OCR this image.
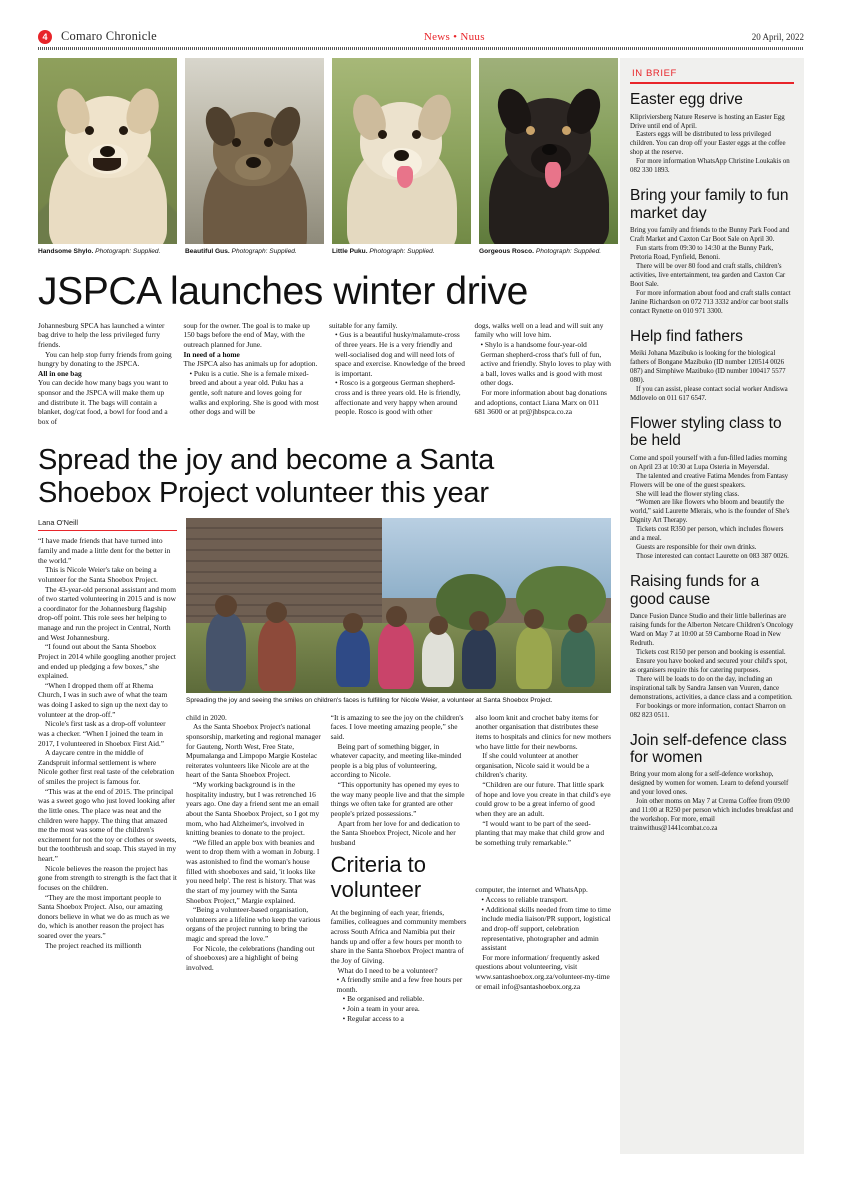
4	Comaro Chronicle	News • Nuus	20 April, 2022
Handsome Shylo. Photograph: Supplied.	Beautiful Gus. Photograph: Supplied.	Little Puku. Photograph: Supplied.	Gorgeous Rosco. Photograph: Supplied.
JSPCA launches winter drive

Johannesburg SPCA has launched a winter bag drive to help the less privileged furry friends.

You can help stop furry friends from going hungry by donating to the JSPCA.

All in one bag

You can decide how many bags you want to sponsor and the JSPCA will make them up and distribute it. The bags will contain a blanket, dog/cat food, a bowl for food and a box of

soup for the owner. The goal is to make up 150 bags before the end of May, with the outreach planned for June.

In need of a home

The JSPCA also has animals up for adoption.

• Puku is a cutie. She is a female mixed-breed and about a year old. Puku has a gentle, soft nature and loves going for walks and exploring. She is good with most other dogs and will be

suitable for any family.

• Gus is a beautiful husky/malamute-cross of three years. He is a very friendly and well-socialised dog and will need lots of space and exercise. Knowledge of the breed is important.

• Rosco is a gorgeous German shepherd-cross and is three years old. He is friendly, affectionate and very happy when around people. Rosco is good with other

dogs, walks well on a lead and will suit any family who will love him.

• Shylo is a handsome four-year-old German shepherd-cross that's full of fun, active and friendly. Shylo loves to play with a ball, loves walks and is good with most other dogs.

For more information about bag donations and adoptions, contact Liana Marx on 011 681 3600 or at pr@jhbspca.co.za

Spread the joy and become a Santa Shoebox Project volunteer this year
Lana O'Neill

“I have made friends that have turned into family and made a little dent for the better in the world.”

This is Nicole Weier's take on being a volunteer for the Santa Shoebox Project.

The 43-year-old personal assistant and mom of two started volunteering in 2015 and is now a coordinator for the Johannesburg flagship drop-off point. This role sees her helping to manage and run the project in Central, North and West Johannesburg.

“I found out about the Santa Shoebox Project in 2014 while googling another project and ended up pledging a few boxes,” she explained.

“When I dropped them off at Rhema Church, I was in such awe of what the team was doing I asked to sign up the next day to volunteer at the drop-off.”

Nicole's first task as a drop-off volunteer was a checker. “When I joined the team in 2017, I volunteered in Shoebox First Aid.”

A daycare centre in the middle of Zandspruit informal settlement is where Nicole gother first real taste of the celebration of smiles the project is famous for.

“This was at the end of 2015. The principal was a sweet gogo who just loved looking after the little ones. The place was neat and the children were happy. The thing that amazed me the most was some of the children's excitement for not the toy or clothes or sweets, but the toothbrush and soap. This stayed in my heart.”

Nicole believes the reason the project has gone from strength to strength is the fact that it focuses on the children.

“They are the most important people to Santa Shoebox Project. Also, our amazing donors believe in what we do as much as we do, which is another reason the project has soared over the years.”

The project reached its millionth

Spreading the joy and seeing the smiles on children's faces is fulfilling for Nicole Weier, a volunteer at Santa Shoebox Project.

child in 2020.

As the Santa Shoebox Project's national sponsorship, marketing and regional manager for Gauteng, North West, Free State, Mpumalanga and Limpopo Margie Kostelac reiterates volunteers like Nicole are at the heart of the Santa Shoebox Project.

“My working background is in the hospitality industry, but I was retrenched 16 years ago. One day a friend sent me an email about the Santa Shoebox Project, so I got my mom, who had Alzheimer's, involved in knitting beanies to donate to the project.

“We filled an apple box with beanies and went to drop them with a woman in Joburg. I was astonished to find the woman's house filled with shoeboxes and said, 'it looks like you need help'. The rest is history. That was the start of my journey with the Santa Shoebox Project,” Margie explained.

“Being a volunteer-based organisation, volunteers are a lifeline who keep the various organs of the project running to bring the magic and spread the love.”

For Nicole, the celebrations (handing out of shoeboxes) are a highlight of being involved.

“It is amazing to see the joy on the children's faces. I love meeting amazing people,” she said.

Being part of something bigger, in whatever capacity, and meeting like-minded people is a big plus of volunteering, according to Nicole.

“This opportunity has opened my eyes to the way many people live and that the simple things we often take for granted are other people's prized possessions.”

Apart from her love for and dedication to the Santa Shoebox Project, Nicole and her husband

Criteria to volunteer

At the beginning of each year, friends, families, colleagues and community members across South Africa and Namibia put their hands up and offer a few hours per month to share in the Santa Shoebox Project mantra of the Joy of Giving.

What do I need to be a volunteer?

• A friendly smile and a few free hours per month.

• Be organised and reliable.

• Join a team in your area.

• Regular access to a

also loom knit and crochet baby items for another organisation that distributes these items to hospitals and clinics for new mothers who have little for their newborns.

If she could volunteer at another organisation, Nicole said it would be a children's charity.

“Children are our future. That little spark of hope and love you create in that child's eye could grow to be a great inferno of good when they are an adult.

“I would want to be part of the seed-planting that may make that child grow and be something truly remarkable.”

computer, the internet and WhatsApp.

• Access to reliable transport.

• Additional skills needed from time to time include media liaison/PR support, logistical and drop-off support, celebration representative, photographer and admin assistant

For more information/ frequently asked questions about volunteering, visit www.santashoebox.org.za/volunteer-my-time or email info@santashoebox.org.za

IN BRIEF
Easter egg drive

Klipriviersberg Nature Reserve is hosting an Easter Egg Drive until end of April.

Easters eggs will be distributed to less privileged children. You can drop off your Easter eggs at the coffee shop at the reserve.

For more information WhatsApp Christine Loukakis on 082 330 1893.

Bring your family to fun market day

Bring you family and friends to the Bunny Park Food and Craft Market and Caxton Car Boot Sale on April 30.

Fun starts from 09:30 to 14:30 at the Bunny Park, Pretoria Road, Fynfield, Benoni.

There will be over 80 food and craft stalls, children's activities, live entertainment, tea garden and Caxton Car Boot Sale.

For more information about food and craft stalls contact Janine Richardson on 072 713 3332 and/or car boot stalls contact Rynette on 010 971 3300.

Help find fathers

Meiki Johana Mazibuko is looking for the biological fathers of Bongane Mazibuko (ID number 120514 0026 087) and Simphiwe Mazibuko (ID number 100417 5577 080).

If you can assist, please contact social worker Andiswa Mdlovelo on 011 617 6547.

Flower styling class to be held

Come and spoil yourself with a fun-filled ladies morning on April 23 at 10:30 at Lupa Osteria in Meyersdal.

The talented and creative Fatima Mendes from Fantasy Flowers will be one of the guest speakers.

She will lead the flower styling class.

“Women are like flowers who bloom and beautify the world,” said Laurette Mlerais, who is the founder of She's Dignity Art Therapy.

Tickets cost R350 per person, which includes flowers and a meal.

Guests are responsible for their own drinks.

Those interested can contact Laurette on 083 387 0026.

Raising funds for a good cause

Dance Fusion Dance Studio and their little ballerinas are raising funds for the Alberton Netcare Children's Oncology Ward on May 7 at 10:00 at 59 Camborne Road in New Redruth.

Tickets cost R150 per person and booking is essential.

Ensure you have booked and secured your child's spot, as organisers require this for catering purposes.

There will be loads to do on the day, including an inspirational talk by Sandra Jansen van Vuuren, dance demonstrations, activities, a dance class and a competition.

For bookings or more information, contact Sharron on 082 823 0511.

Join self-defence class for women

Bring your mom along for a self-defence workshop, designed by women for women. Learn to defend yourself and your loved ones.

Join other moms on May 7 at Crema Coffee from 09:00 and 11:00 at R250 per person which includes breakfast and the workshop. For more, email trainwithus@1441combat.co.za
